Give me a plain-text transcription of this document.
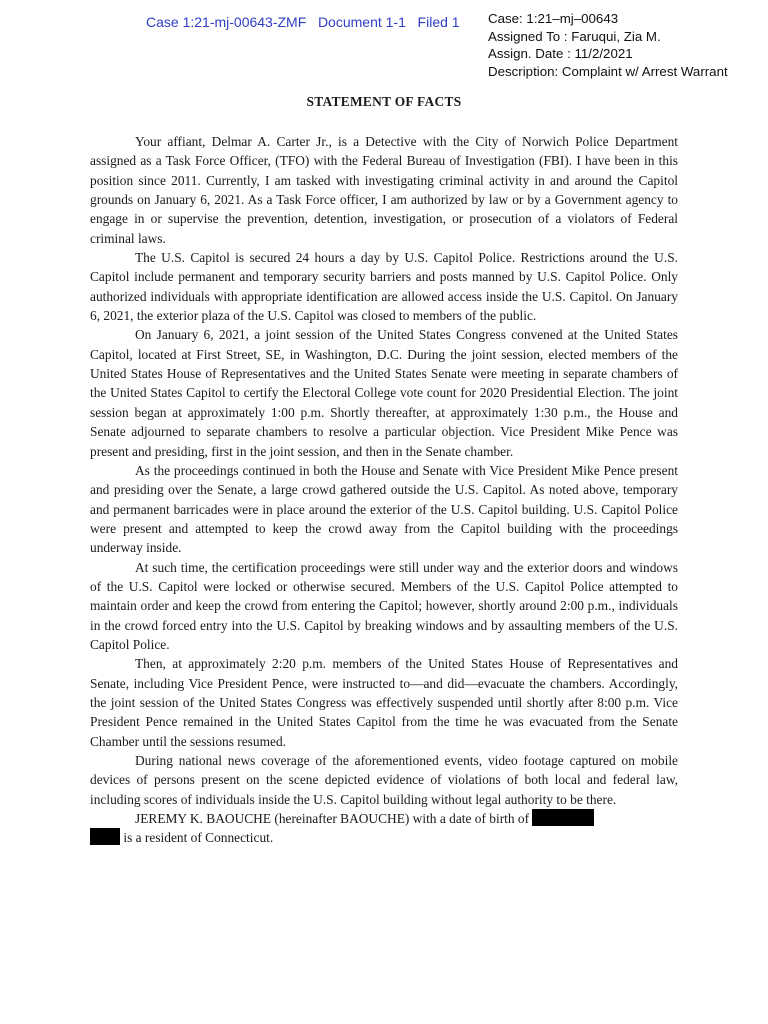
Case 1:21-mj-00643-ZMF   Document 1-1   Filed 1 Case: 1:21–mj–00643
Assigned To : Faruqui, Zia M.
Assign. Date : 11/2/2021
Description: Complaint w/ Arrest Warrant
STATEMENT OF FACTS

Your affiant, Delmar A. Carter Jr., is a Detective with the City of Norwich Police Department assigned as a Task Force Officer, (TFO) with the Federal Bureau of Investigation (FBI). I have been in this position since 2011. Currently, I am tasked with investigating criminal activity in and around the Capitol grounds on January 6, 2021. As a Task Force officer, I am authorized by law or by a Government agency to engage in or supervise the prevention, detention, investigation, or prosecution of a violators of Federal criminal laws.

The U.S. Capitol is secured 24 hours a day by U.S. Capitol Police. Restrictions around the U.S. Capitol include permanent and temporary security barriers and posts manned by U.S. Capitol Police. Only authorized individuals with appropriate identification are allowed access inside the U.S. Capitol. On January 6, 2021, the exterior plaza of the U.S. Capitol was closed to members of the public.

On January 6, 2021, a joint session of the United States Congress convened at the United States Capitol, located at First Street, SE, in Washington, D.C. During the joint session, elected members of the United States House of Representatives and the United States Senate were meeting in separate chambers of the United States Capitol to certify the Electoral College vote count for 2020 Presidential Election. The joint session began at approximately 1:00 p.m. Shortly thereafter, at approximately 1:30 p.m., the House and Senate adjourned to separate chambers to resolve a particular objection. Vice President Mike Pence was present and presiding, first in the joint session, and then in the Senate chamber.

As the proceedings continued in both the House and Senate with Vice President Mike Pence present and presiding over the Senate, a large crowd gathered outside the U.S. Capitol. As noted above, temporary and permanent barricades were in place around the exterior of the U.S. Capitol building. U.S. Capitol Police were present and attempted to keep the crowd away from the Capitol building with the proceedings underway inside.

At such time, the certification proceedings were still under way and the exterior doors and windows of the U.S. Capitol were locked or otherwise secured. Members of the U.S. Capitol Police attempted to maintain order and keep the crowd from entering the Capitol; however, shortly around 2:00 p.m., individuals in the crowd forced entry into the U.S. Capitol by breaking windows and by assaulting members of the U.S. Capitol Police.

Then, at approximately 2:20 p.m. members of the United States House of Representatives and Senate, including Vice President Pence, were instructed to—and did—evacuate the chambers. Accordingly, the joint session of the United States Congress was effectively suspended until shortly after 8:00 p.m. Vice President Pence remained in the United States Capitol from the time he was evacuated from the Senate Chamber until the sessions resumed.

During national news coverage of the aforementioned events, video footage captured on mobile devices of persons present on the scene depicted evidence of violations of both local and federal law, including scores of individuals inside the U.S. Capitol building without legal authority to be there.

JEREMY K. BAOUCHE (hereinafter BAOUCHE) with a date of birth of

is a resident of Connecticut.
